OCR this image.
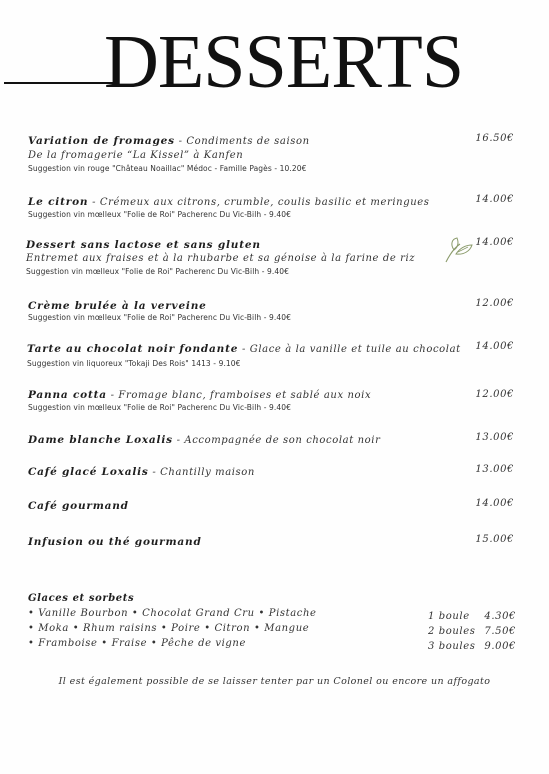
DESSERTS
Variation de fromages - Condiments de saison
De la fromagerie “La Kissel” à Kanfen
Suggestion vin rouge "Château Noaillac" Médoc - Famille Pagès - 10.20€
16.50€
Le citron - Crémeux aux citrons, crumble, coulis basilic et meringues
Suggestion vin mœlleux "Folie de Roi" Pacherenc Du Vic-Bilh - 9.40€
14.00€
Dessert sans lactose et sans gluten
Entremet aux fraises et à la rhubarbe et sa génoise à la farine de riz
Suggestion vin mœlleux "Folie de Roi" Pacherenc Du Vic-Bilh - 9.40€
14.00€
Crème brulée à la verveine
Suggestion vin mœlleux "Folie de Roi" Pacherenc Du Vic-Bilh - 9.40€
12.00€
Tarte au chocolat noir fondante - Glace à la vanille et tuile au chocolat
Suggestion vin liquoreux "Tokaji Des Rois" 1413 - 9.10€
14.00€
Panna cotta - Fromage blanc, framboises et sablé aux noix
Suggestion vin mœlleux "Folie de Roi" Pacherenc Du Vic-Bilh - 9.40€
12.00€
Dame blanche Loxalis - Accompagnée de son chocolat noir	13.00€
Café glacé Loxalis - Chantilly maison	13.00€
Café gourmand	14.00€
Infusion ou thé gourmand	15.00€
Glaces et sorbets
• Vanille Bourbon • Chocolat Grand Cru • Pistache
• Moka • Rhum raisins • Poire • Citron • Mangue
• Framboise • Fraise • Pêche de vigne
1 boule 4.30€
2 boules 7.50€
3 boules 9.00€
Il est également possible de se laisser tenter par un Colonel ou encore un affogato
